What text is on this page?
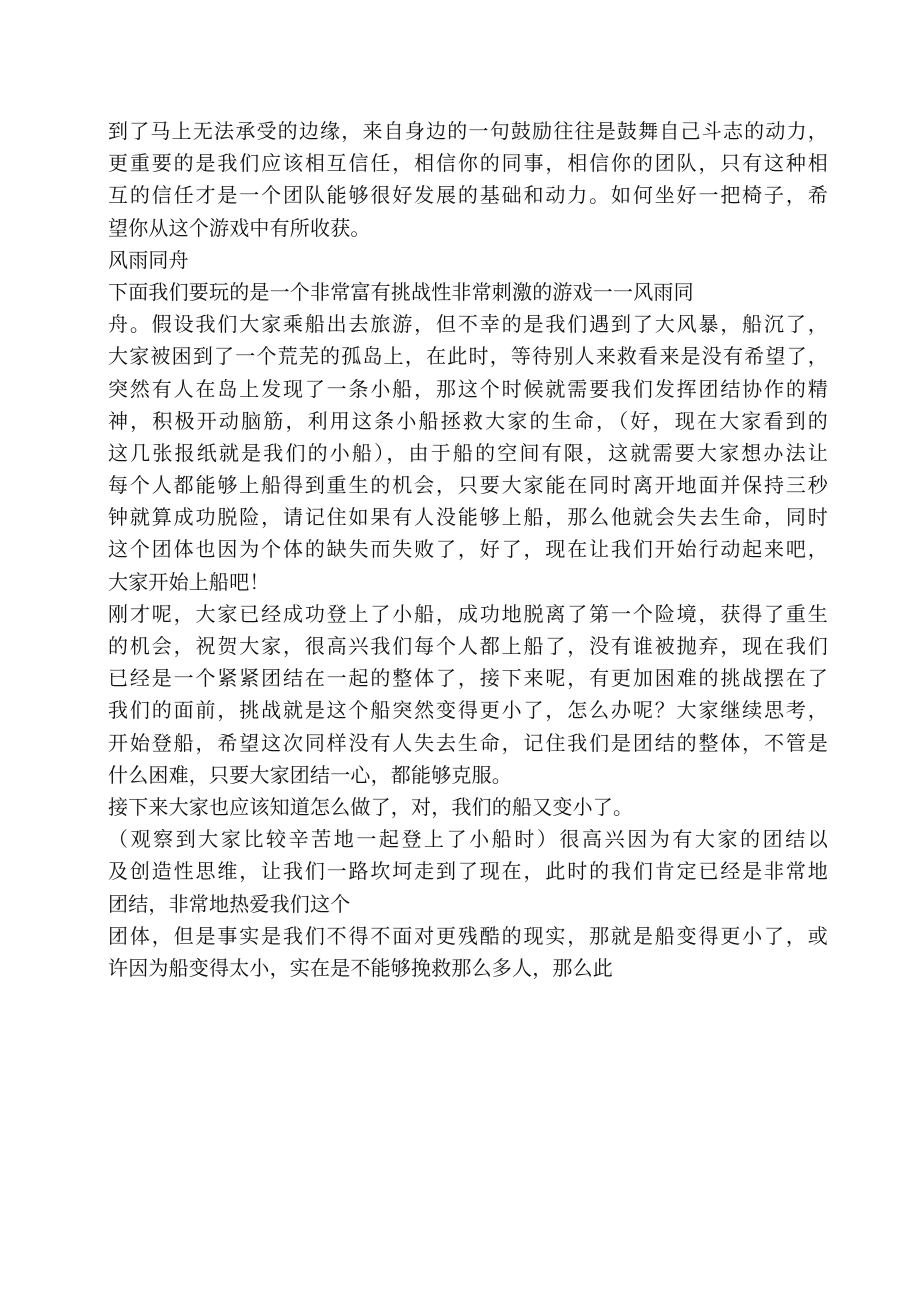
到了马上无法承受的边缘，来自身边的一句鼓励往往是鼓舞自己斗志的动力，
更重要的是我们应该相互信任，相信你的同事，相信你的团队，只有这种相
互的信任才是一个团队能够很好发展的基础和动力。如何坐好一把椅子，希
望你从这个游戏中有所收获。
风雨同舟
下面我们要玩的是一个非常富有挑战性非常刺激的游戏一一风雨同
舟。假设我们大家乘船出去旅游，但不幸的是我们遇到了大风暴，船沉了，
大家被困到了一个荒芜的孤岛上，在此时，等待别人来救看来是没有希望了，
突然有人在岛上发现了一条小船，那这个时候就需要我们发挥团结协作的精
神，积极开动脑筋，利用这条小船拯救大家的生命，（好，现在大家看到的
这几张报纸就是我们的小船），由于船的空间有限，这就需要大家想办法让
每个人都能够上船得到重生的机会，只要大家能在同时离开地面并保持三秒
钟就算成功脱险，请记住如果有人没能够上船，那么他就会失去生命，同时
这个团体也因为个体的缺失而失败了，好了，现在让我们开始行动起来吧，
大家开始上船吧！
刚才呢，大家已经成功登上了小船，成功地脱离了第一个险境，获得了重生
的机会，祝贺大家，很高兴我们每个人都上船了，没有谁被抛弃，现在我们
已经是一个紧紧团结在一起的整体了，接下来呢，有更加困难的挑战摆在了
我们的面前，挑战就是这个船突然变得更小了，怎么办呢？大家继续思考，
开始登船，希望这次同样没有人失去生命，记住我们是团结的整体，不管是
什么困难，只要大家团结一心，都能够克服。
接下来大家也应该知道怎么做了，对，我们的船又变小了。
（观察到大家比较辛苦地一起登上了小船时）很高兴因为有大家的团结以
及创造性思维，让我们一路坎坷走到了现在，此时的我们肯定已经是非常地
团结，非常地热爱我们这个
团体，但是事实是我们不得不面对更残酷的现实，那就是船变得更小了，或
许因为船变得太小，实在是不能够挽救那么多人，那么此
